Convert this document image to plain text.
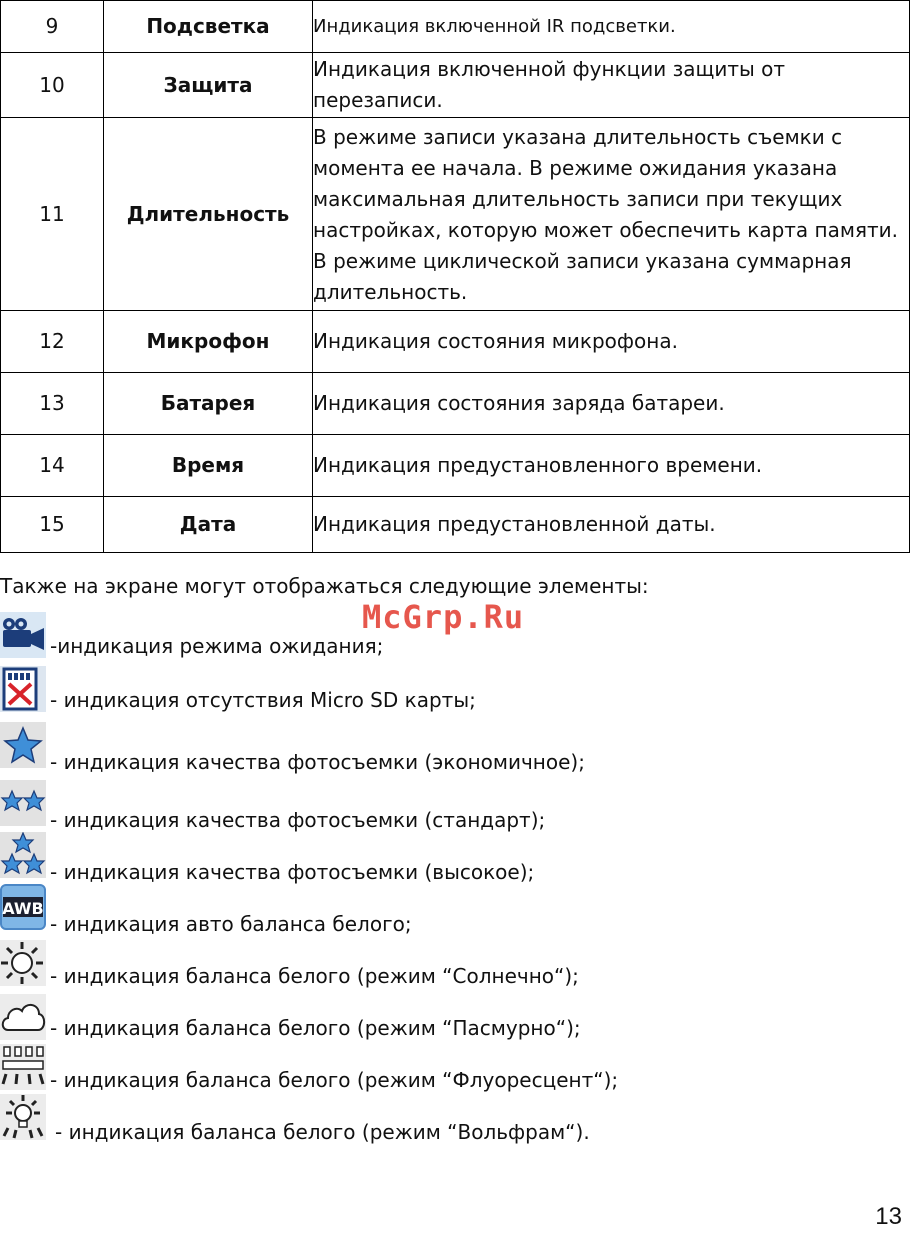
9	Подсветка	Индикация включенной IR подсветки.
10	Защита	Индикация включенной функции защиты от перезаписи.
11	Длительность	В режиме записи указана длительность съемки с момента ее начала. В режиме ожидания указана максимальная длительность записи при текущих настройках, которую может обеспечить карта памяти. В режиме циклической записи указана суммарная длительность.
12	Микрофон	Индикация состояния микрофона.
13	Батарея	Индикация состояния заряда батареи.
14	Время	Индикация предустановленного времени.
15	Дата	Индикация предустановленной даты.
Также на экране могут отображаться следующие элементы:
McGrp.Ru
-индикация режима ожидания;
- индикация отсутствия Micro SD карты;
- индикация качества фотосъемки (экономичное);
- индикация качества фотосъемки (стандарт);
- индикация качества фотосъемки (высокое);
AWB
- индикация авто баланса белого;
- индикация баланса белого (режим “Солнечно“);
- индикация баланса белого (режим “Пасмурно“);
- индикация баланса белого (режим “Флуоресцент“);
- индикация баланса белого (режим “Вольфрам“).
13
